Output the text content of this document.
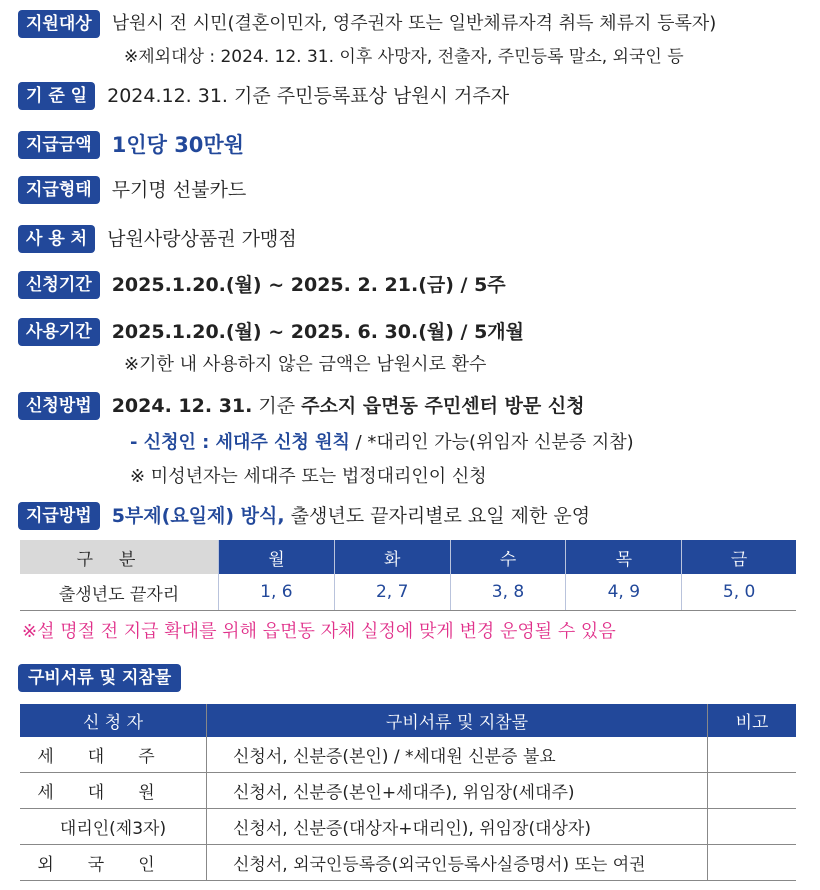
지원대상	남원시 전 시민(결혼이민자, 영주권자 또는 일반체류자격 취득 체류지 등록자)
※제외대상 : 2024. 12. 31. 이후 사망자, 전출자, 주민등록 말소, 외국인 등
기 준 일	2024.12. 31. 기준 주민등록표상 남원시 거주자
지급금액 1인당 30만원
지급형태	무기명 선불카드
사 용 처	남원사랑상품권 가맹점
신청기간	2025.1.20.(월) ~ 2025. 2. 21.(금) / 5주
사용기간	2025.1.20.(월) ~ 2025. 6. 30.(월) / 5개월
※기한 내 사용하지 않은 금액은 남원시로 환수
신청방법	2024. 12. 31. 기준 주소지 읍면동 주민센터 방문 신청
- 신청인 : 세대주 신청 원칙 / *대리인 가능(위임자 신분증 지참)
※ 미성년자는 세대주 또는 법정대리인이 신청
지급방법	5부제(요일제) 방식, 출생년도 끝자리별로 요일 제한 운영
구분	월	화	수	목	금
출생년도 끝자리	1, 6	2, 7	3, 8	4, 9	5, 0
※설 명절 전 지급 확대를 위해 읍면동 자체 실정에 맞게 변경 운영될 수 있음
구비서류 및 지참물
신 청 자	구비서류 및 지참물	비고
세대주	신청서, 신분증(본인) / *세대원 신분증 불요	
세대원	신청서, 신분증(본인+세대주), 위임장(세대주)	
대리인(제3자)	신청서, 신분증(대상자+대리인), 위임장(대상자)	
외국인	신청서, 외국인등록증(외국인등록사실증명서) 또는 여권	
